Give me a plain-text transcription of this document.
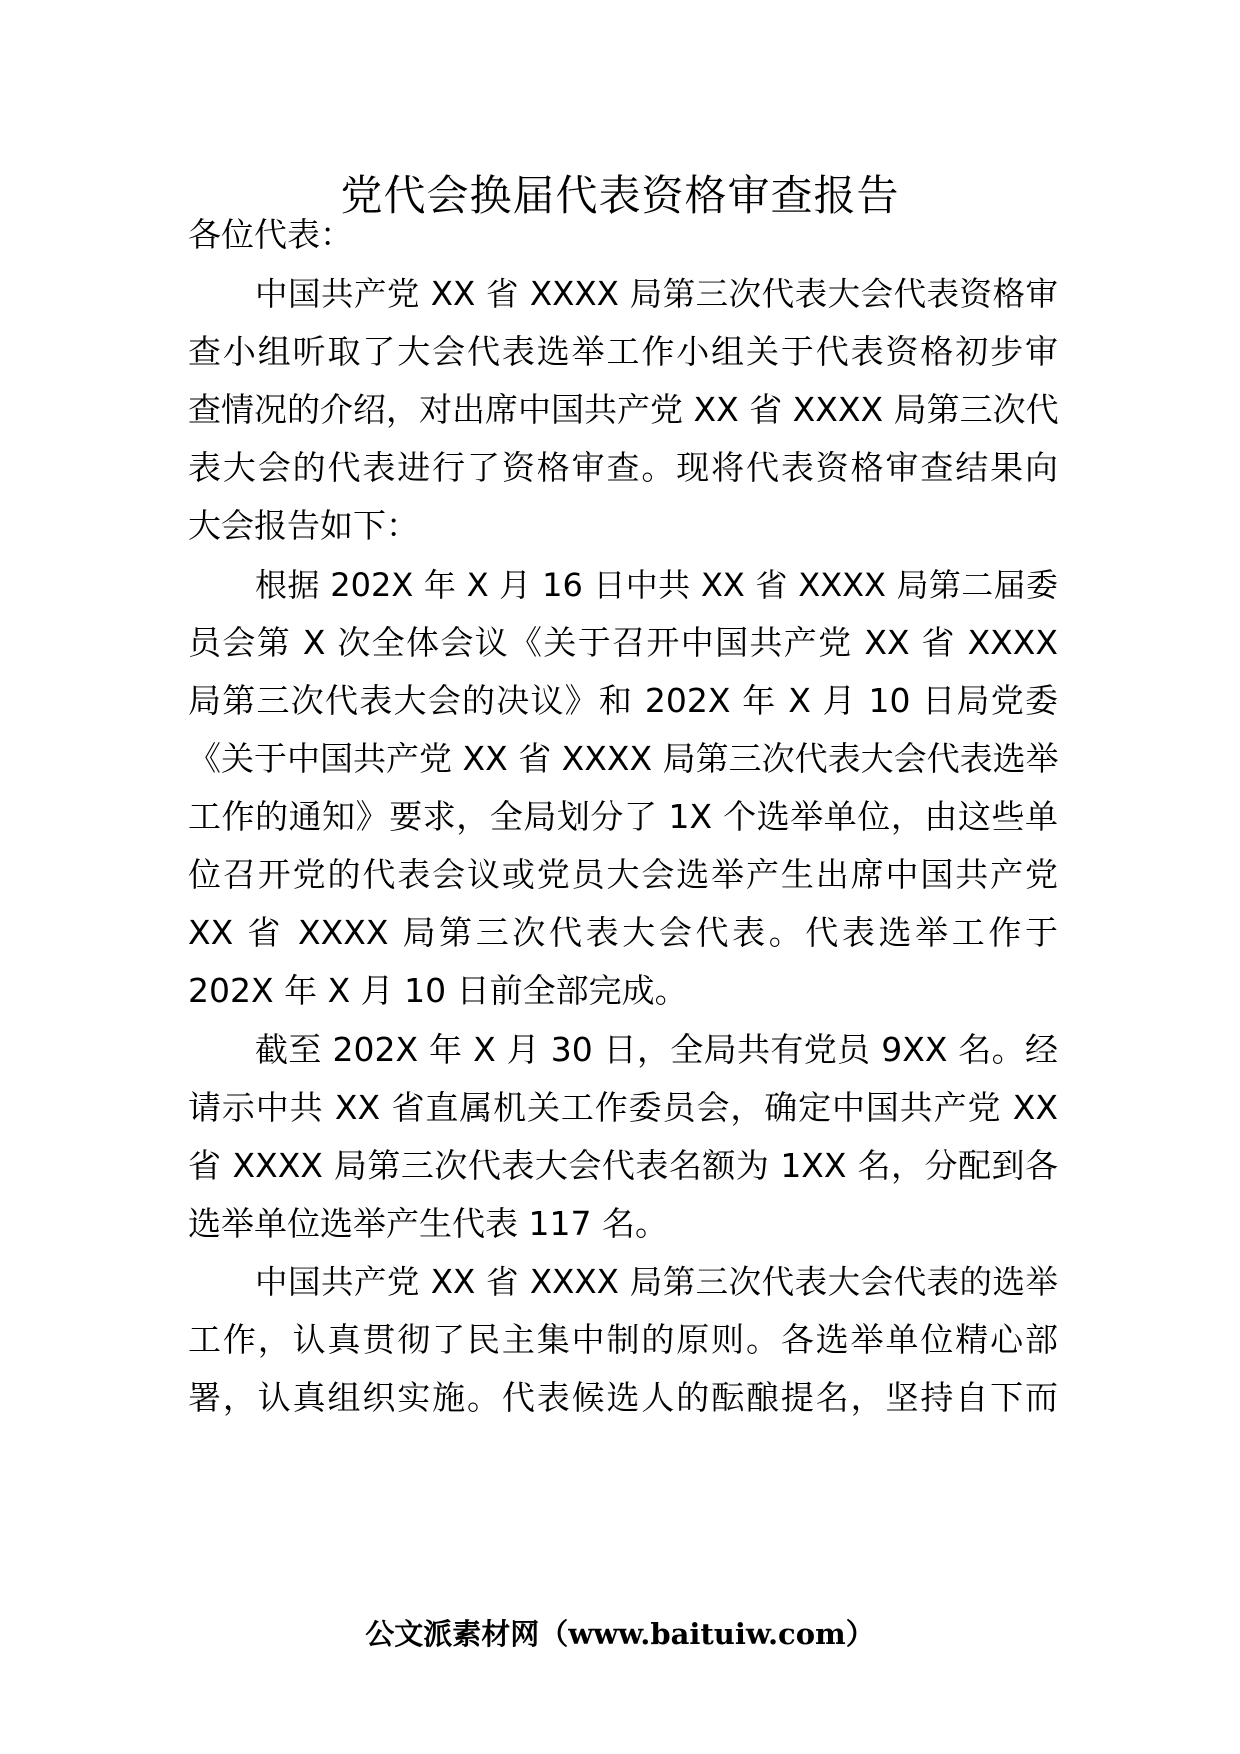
党代会换届代表资格审查报告
各位代表：
中国共产党 XX 省 XXXX 局第三次代表大会代表资格审
查小组听取了大会代表选举工作小组关于代表资格初步审
查情况的介绍，对出席中国共产党 XX 省 XXXX 局第三次代
表大会的代表进行了资格审查。现将代表资格审查结果向
大会报告如下：
根据 202X 年 X 月 16 日中共 XX 省 XXXX 局第二届委
员会第 X 次全体会议《关于召开中国共产党 XX 省 XXXX
局第三次代表大会的决议》和 202X 年 X 月 10 日局党委
《关于中国共产党 XX 省 XXXX 局第三次代表大会代表选举
工作的通知》要求，全局划分了 1X 个选举单位，由这些单
位召开党的代表会议或党员大会选举产生出席中国共产党
XX 省 XXXX 局第三次代表大会代表。代表选举工作于
202X 年 X 月 10 日前全部完成。
截至 202X 年 X 月 30 日，全局共有党员 9XX 名。经
请示中共 XX 省直属机关工作委员会，确定中国共产党 XX
省 XXXX 局第三次代表大会代表名额为 1XX 名，分配到各
选举单位选举产生代表 117 名。
中国共产党 XX 省 XXXX 局第三次代表大会代表的选举
工作，认真贯彻了民主集中制的原则。各选举单位精心部
署，认真组织实施。代表候选人的酝酿提名，坚持自下而
公文派素材网（www.baituiw.com）
